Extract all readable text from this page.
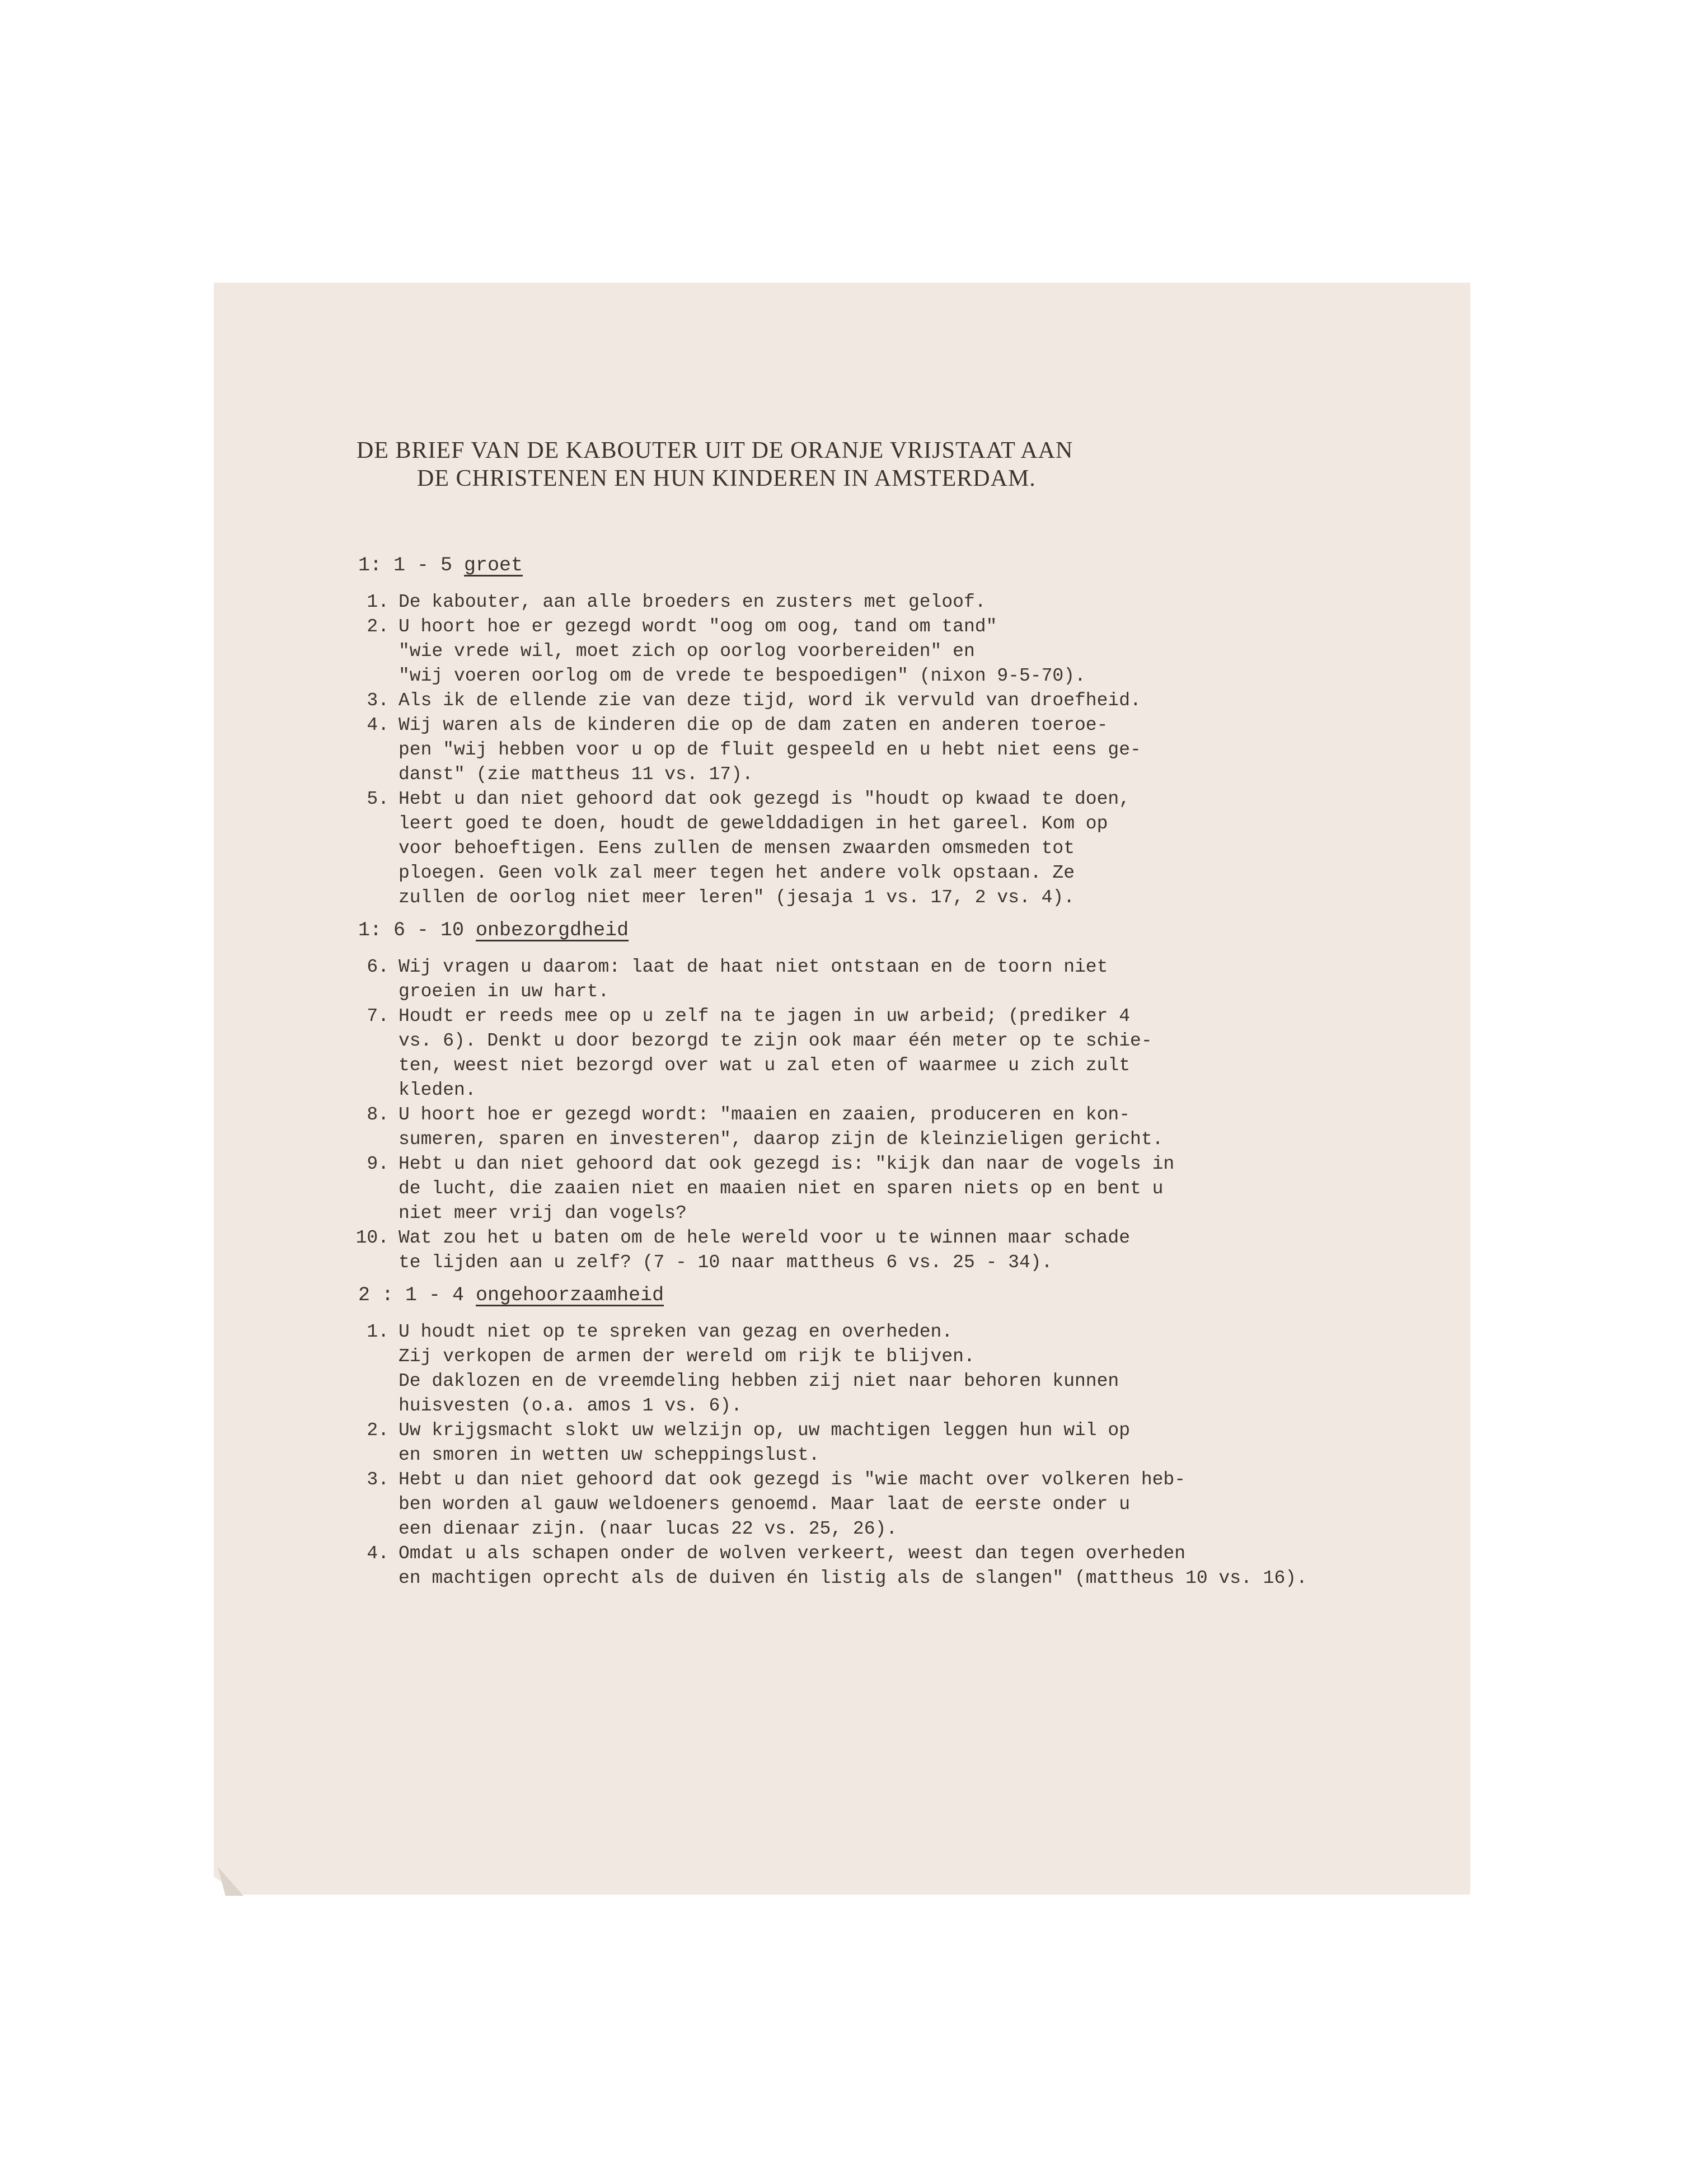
DE BRIEF VAN DE KABOUTER UIT DE ORANJE VRIJSTAAT AAN
DE CHRISTENEN EN HUN KINDEREN IN AMSTERDAM.
1: 1 - 5 groet
1. De kabouter, aan alle broeders en zusters met geloof.
2. U hoort hoe er gezegd wordt "oog om oog, tand om tand"
"wie vrede wil, moet zich op oorlog voorbereiden" en
"wij voeren oorlog om de vrede te bespoedigen" (nixon 9-5-70).
3. Als ik de ellende zie van deze tijd, word ik vervuld van droefheid.
4. Wij waren als de kinderen die op de dam zaten en anderen toeroe-
pen "wij hebben voor u op de fluit gespeeld en u hebt niet eens ge-
danst" (zie mattheus 11 vs. 17).
5. Hebt u dan niet gehoord dat ook gezegd is "houdt op kwaad te doen,
leert goed te doen, houdt de gewelddadigen in het gareel. Kom op
voor behoeftigen. Eens zullen de mensen zwaarden omsmeden tot
ploegen. Geen volk zal meer tegen het andere volk opstaan. Ze
zullen de oorlog niet meer leren" (jesaja 1 vs. 17, 2 vs. 4).
1: 6 - 10 onbezorgdheid
6. Wij vragen u daarom: laat de haat niet ontstaan en de toorn niet
groeien in uw hart.
7. Houdt er reeds mee op u zelf na te jagen in uw arbeid; (prediker 4
vs. 6). Denkt u door bezorgd te zijn ook maar één meter op te schie-
ten, weest niet bezorgd over wat u zal eten of waarmee u zich zult
kleden.
8. U hoort hoe er gezegd wordt: "maaien en zaaien, produceren en kon-
sumeren, sparen en investeren", daarop zijn de kleinzieligen gericht.
9. Hebt u dan niet gehoord dat ook gezegd is: "kijk dan naar de vogels in
de lucht, die zaaien niet en maaien niet en sparen niets op en bent u
niet meer vrij dan vogels?
10. Wat zou het u baten om de hele wereld voor u te winnen maar schade
te lijden aan u zelf? (7 - 10 naar mattheus 6 vs. 25 - 34).
2 : 1 - 4 ongehoorzaamheid
1. U houdt niet op te spreken van gezag en overheden.
Zij verkopen de armen der wereld om rijk te blijven.
De daklozen en de vreemdeling hebben zij niet naar behoren kunnen
huisvesten (o.a. amos 1 vs. 6).
2. Uw krijgsmacht slokt uw welzijn op, uw machtigen leggen hun wil op
en smoren in wetten uw scheppingslust.
3. Hebt u dan niet gehoord dat ook gezegd is "wie macht over volkeren heb-
ben worden al gauw weldoeners genoemd. Maar laat de eerste onder u
een dienaar zijn. (naar lucas 22 vs. 25, 26).
4. Omdat u als schapen onder de wolven verkeert, weest dan tegen overheden
en machtigen oprecht als de duiven én listig als de slangen" (mattheus 10 vs. 16).
